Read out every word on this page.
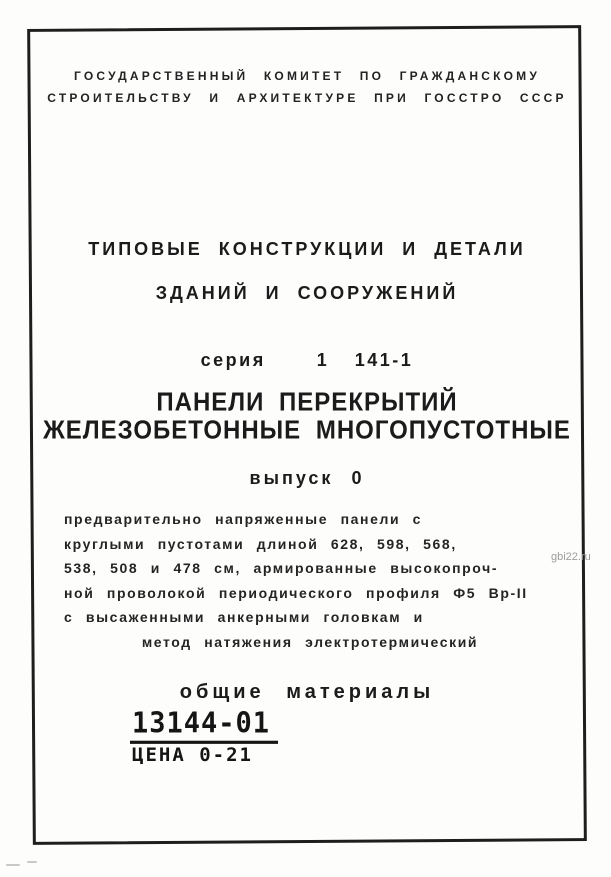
ГОСУДАРСТВЕННЫЙ КОМИТЕТ ПО ГРАЖДАНСКОМУ
СТРОИТЕЛЬСТВУ И АРХИТЕКТУРЕ ПРИ ГОССТРО СССР
ТИПОВЫЕ КОНСТРУКЦИИ И ДЕТАЛИ
ЗДАНИЙ И СООРУЖЕНИЙ
серия	1 141-1
ПАНЕЛИ ПЕРЕКРЫТИЙ
ЖЕЛЕЗОБЕТОННЫЕ МНОГОПУСТОТНЫЕ
выпуск 0
предварительно напряженные панели с
круглыми пустотами длиной 628, 598, 568,
538, 508 и 478 см, армированные высокопроч-
ной проволокой периодического профиля Ф5 Вр-II
с высаженными анкерными головкам и
метод натяжения электротермический
общие материалы
13144-01
ЦЕНА 0-21
gbi22.ru
